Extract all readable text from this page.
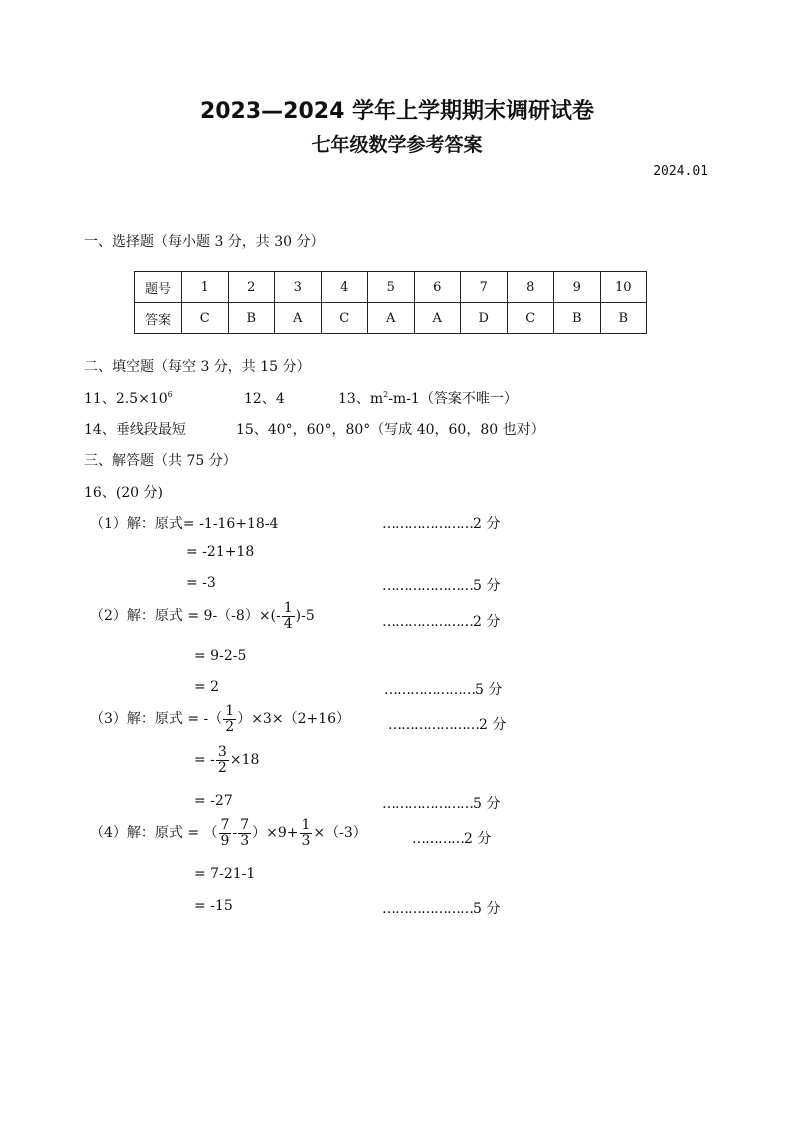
2023—2024 学年上学期期末调研试卷
七年级数学参考答案
2024.01
一、选择题（每小题 3 分，共 30 分）
题号	1	2	3	4	5	6	7	8	9	10
答案	C	B	A	C	A	A	D	C	B	B
二、填空题（每空 3 分，共 15 分）
11、$2.5\times 10^6$	12、4	13、$m^2-m-1$（答案不唯一）
14、垂线段最短	15、40°，60°，80°（写成 40，60，80 也对）
三、解答题（共 75 分）
16、(20 分)
（1）解：原式= -1-16+18-4	…………………2 分
= -21+18
= -3	…………………5 分
（2）解：原式 = $9-(-8)\times(- \frac{1}{4} )-5$	…………………2 分
= 9-2-5
= 2	…………………5 分
（3）解：原式 = -（ $\frac{1}{2} )\times 3\times(2+16)$	…………………2 分
= - $\frac{3}{2} \times 18$
= -27	…………………5 分
（4）解：原式 = （ $\frac{7}{9} - \frac{7}{3} )\times 9+ \frac{1}{3} \times(-3)$	…………2 分
= 7-21-1
= -15	…………………5 分
